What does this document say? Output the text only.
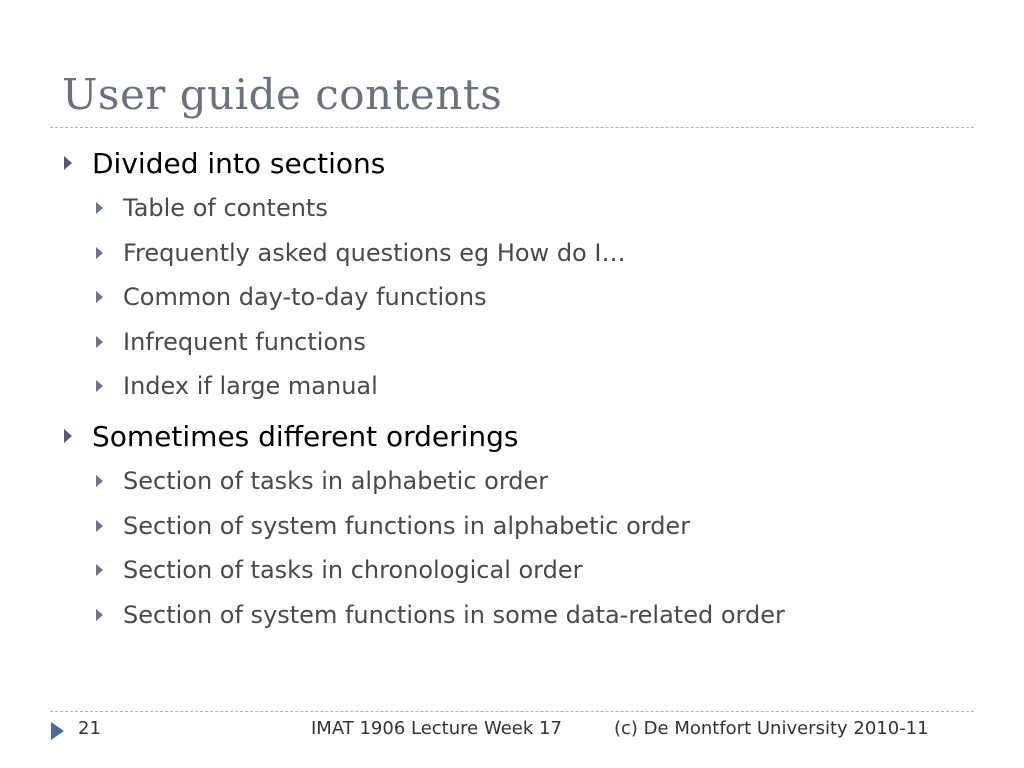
User guide contents
Divided into sections
Table of contents
Frequently asked questions eg How do I…
Common day-to-day functions
Infrequent functions
Index if large manual
Sometimes different orderings
Section of tasks in alphabetic order
Section of system functions in alphabetic order
Section of tasks in chronological order
Section of system functions in some data-related order
21	IMAT 1906 Lecture Week 17	(c) De Montfort University 2010-11
